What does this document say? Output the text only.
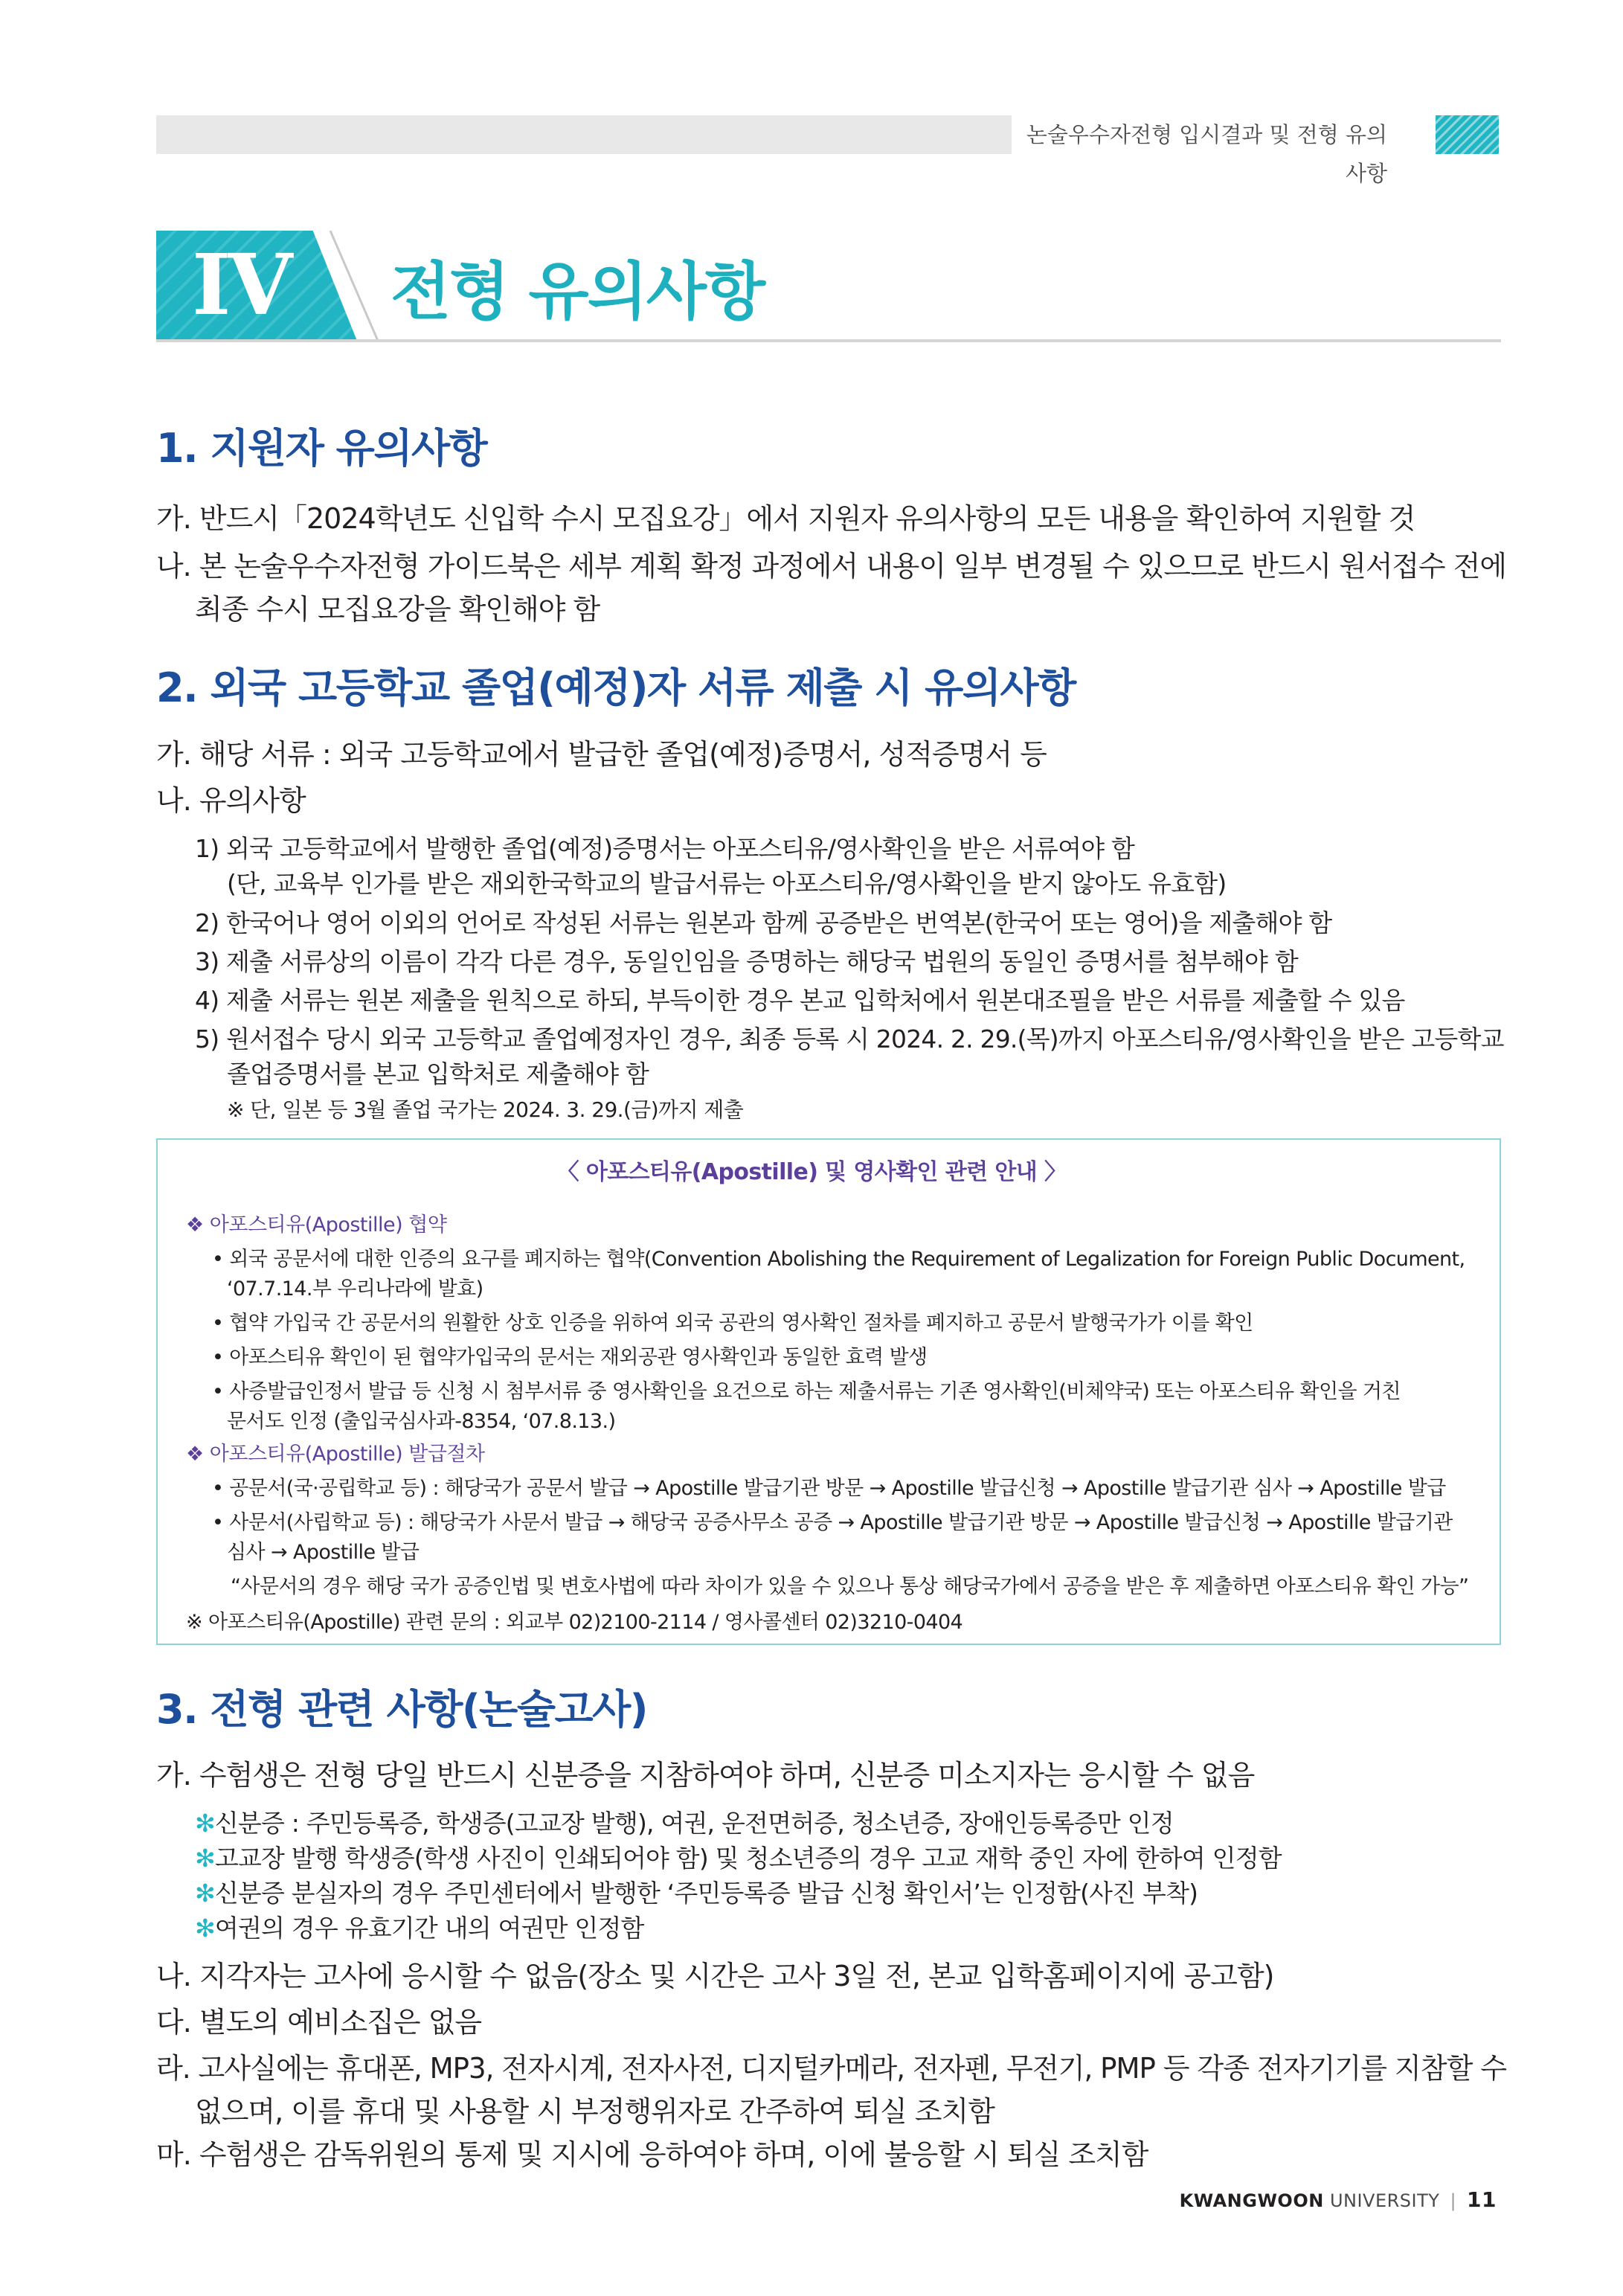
논술우수자전형 입시결과 및 전형 유의사항
IV 전형 유의사항
1. 지원자 유의사항
가. 반드시「2024학년도 신입학 수시 모집요강」에서 지원자 유의사항의 모든 내용을 확인하여 지원할 것
나. 본 논술우수자전형 가이드북은 세부 계획 확정 과정에서 내용이 일부 변경될 수 있으므로 반드시 원서접수 전에
최종 수시 모집요강을 확인해야 함
2. 외국 고등학교 졸업(예정)자 서류 제출 시 유의사항
가. 해당 서류 : 외국 고등학교에서 발급한 졸업(예정)증명서, 성적증명서 등
나. 유의사항
1) 외국 고등학교에서 발행한 졸업(예정)증명서는 아포스티유/영사확인을 받은 서류여야 함
(단, 교육부 인가를 받은 재외한국학교의 발급서류는 아포스티유/영사확인을 받지 않아도 유효함)
2) 한국어나 영어 이외의 언어로 작성된 서류는 원본과 함께 공증받은 번역본(한국어 또는 영어)을 제출해야 함
3) 제출 서류상의 이름이 각각 다른 경우, 동일인임을 증명하는 해당국 법원의 동일인 증명서를 첨부해야 함
4) 제출 서류는 원본 제출을 원칙으로 하되, 부득이한 경우 본교 입학처에서 원본대조필을 받은 서류를 제출할 수 있음
5) 원서접수 당시 외국 고등학교 졸업예정자인 경우, 최종 등록 시 2024. 2. 29.(목)까지 아포스티유/영사확인을 받은 고등학교
졸업증명서를 본교 입학처로 제출해야 함
※ 단, 일본 등 3월 졸업 국가는 2024. 3. 29.(금)까지 제출
〈 아포스티유(Apostille) 및 영사확인 관련 안내 〉
❖ 아포스티유(Apostille) 협약
• 외국 공문서에 대한 인증의 요구를 폐지하는 협약(Convention Abolishing the Requirement of Legalization for Foreign Public Document,
‘07.7.14.부 우리나라에 발효)
• 협약 가입국 간 공문서의 원활한 상호 인증을 위하여 외국 공관의 영사확인 절차를 폐지하고 공문서 발행국가가 이를 확인
• 아포스티유 확인이 된 협약가입국의 문서는 재외공관 영사확인과 동일한 효력 발생
• 사증발급인정서 발급 등 신청 시 첨부서류 중 영사확인을 요건으로 하는 제출서류는 기존 영사확인(비체약국) 또는 아포스티유 확인을 거친
문서도 인정 (출입국심사과-8354, ‘07.8.13.)
❖ 아포스티유(Apostille) 발급절차
• 공문서(국·공립학교 등) : 해당국가 공문서 발급 → Apostille 발급기관 방문 → Apostille 발급신청 → Apostille 발급기관 심사 → Apostille 발급
• 사문서(사립학교 등) : 해당국가 사문서 발급 → 해당국 공증사무소 공증 → Apostille 발급기관 방문 → Apostille 발급신청 → Apostille 발급기관
심사 → Apostille 발급
“사문서의 경우 해당 국가 공증인법 및 변호사법에 따라 차이가 있을 수 있으나 통상 해당국가에서 공증을 받은 후 제출하면 아포스티유 확인 가능”
※ 아포스티유(Apostille) 관련 문의 : 외교부 02)2100-2114 / 영사콜센터 02)3210-0404
3. 전형 관련 사항(논술고사)
가. 수험생은 전형 당일 반드시 신분증을 지참하여야 하며, 신분증 미소지자는 응시할 수 없음
✻신분증 : 주민등록증, 학생증(고교장 발행), 여권, 운전면허증, 청소년증, 장애인등록증만 인정
✻고교장 발행 학생증(학생 사진이 인쇄되어야 함) 및 청소년증의 경우 고교 재학 중인 자에 한하여 인정함
✻신분증 분실자의 경우 주민센터에서 발행한 ‘주민등록증 발급 신청 확인서’는 인정함(사진 부착)
✻여권의 경우 유효기간 내의 여권만 인정함
나. 지각자는 고사에 응시할 수 없음(장소 및 시간은 고사 3일 전, 본교 입학홈페이지에 공고함)
다. 별도의 예비소집은 없음
라. 고사실에는 휴대폰, MP3, 전자시계, 전자사전, 디지털카메라, 전자펜, 무전기, PMP 등 각종 전자기기를 지참할 수
없으며, 이를 휴대 및 사용할 시 부정행위자로 간주하여 퇴실 조치함
마. 수험생은 감독위원의 통제 및 지시에 응하여야 하며, 이에 불응할 시 퇴실 조치함
KWANGWOON UNIVERSITY | 11
